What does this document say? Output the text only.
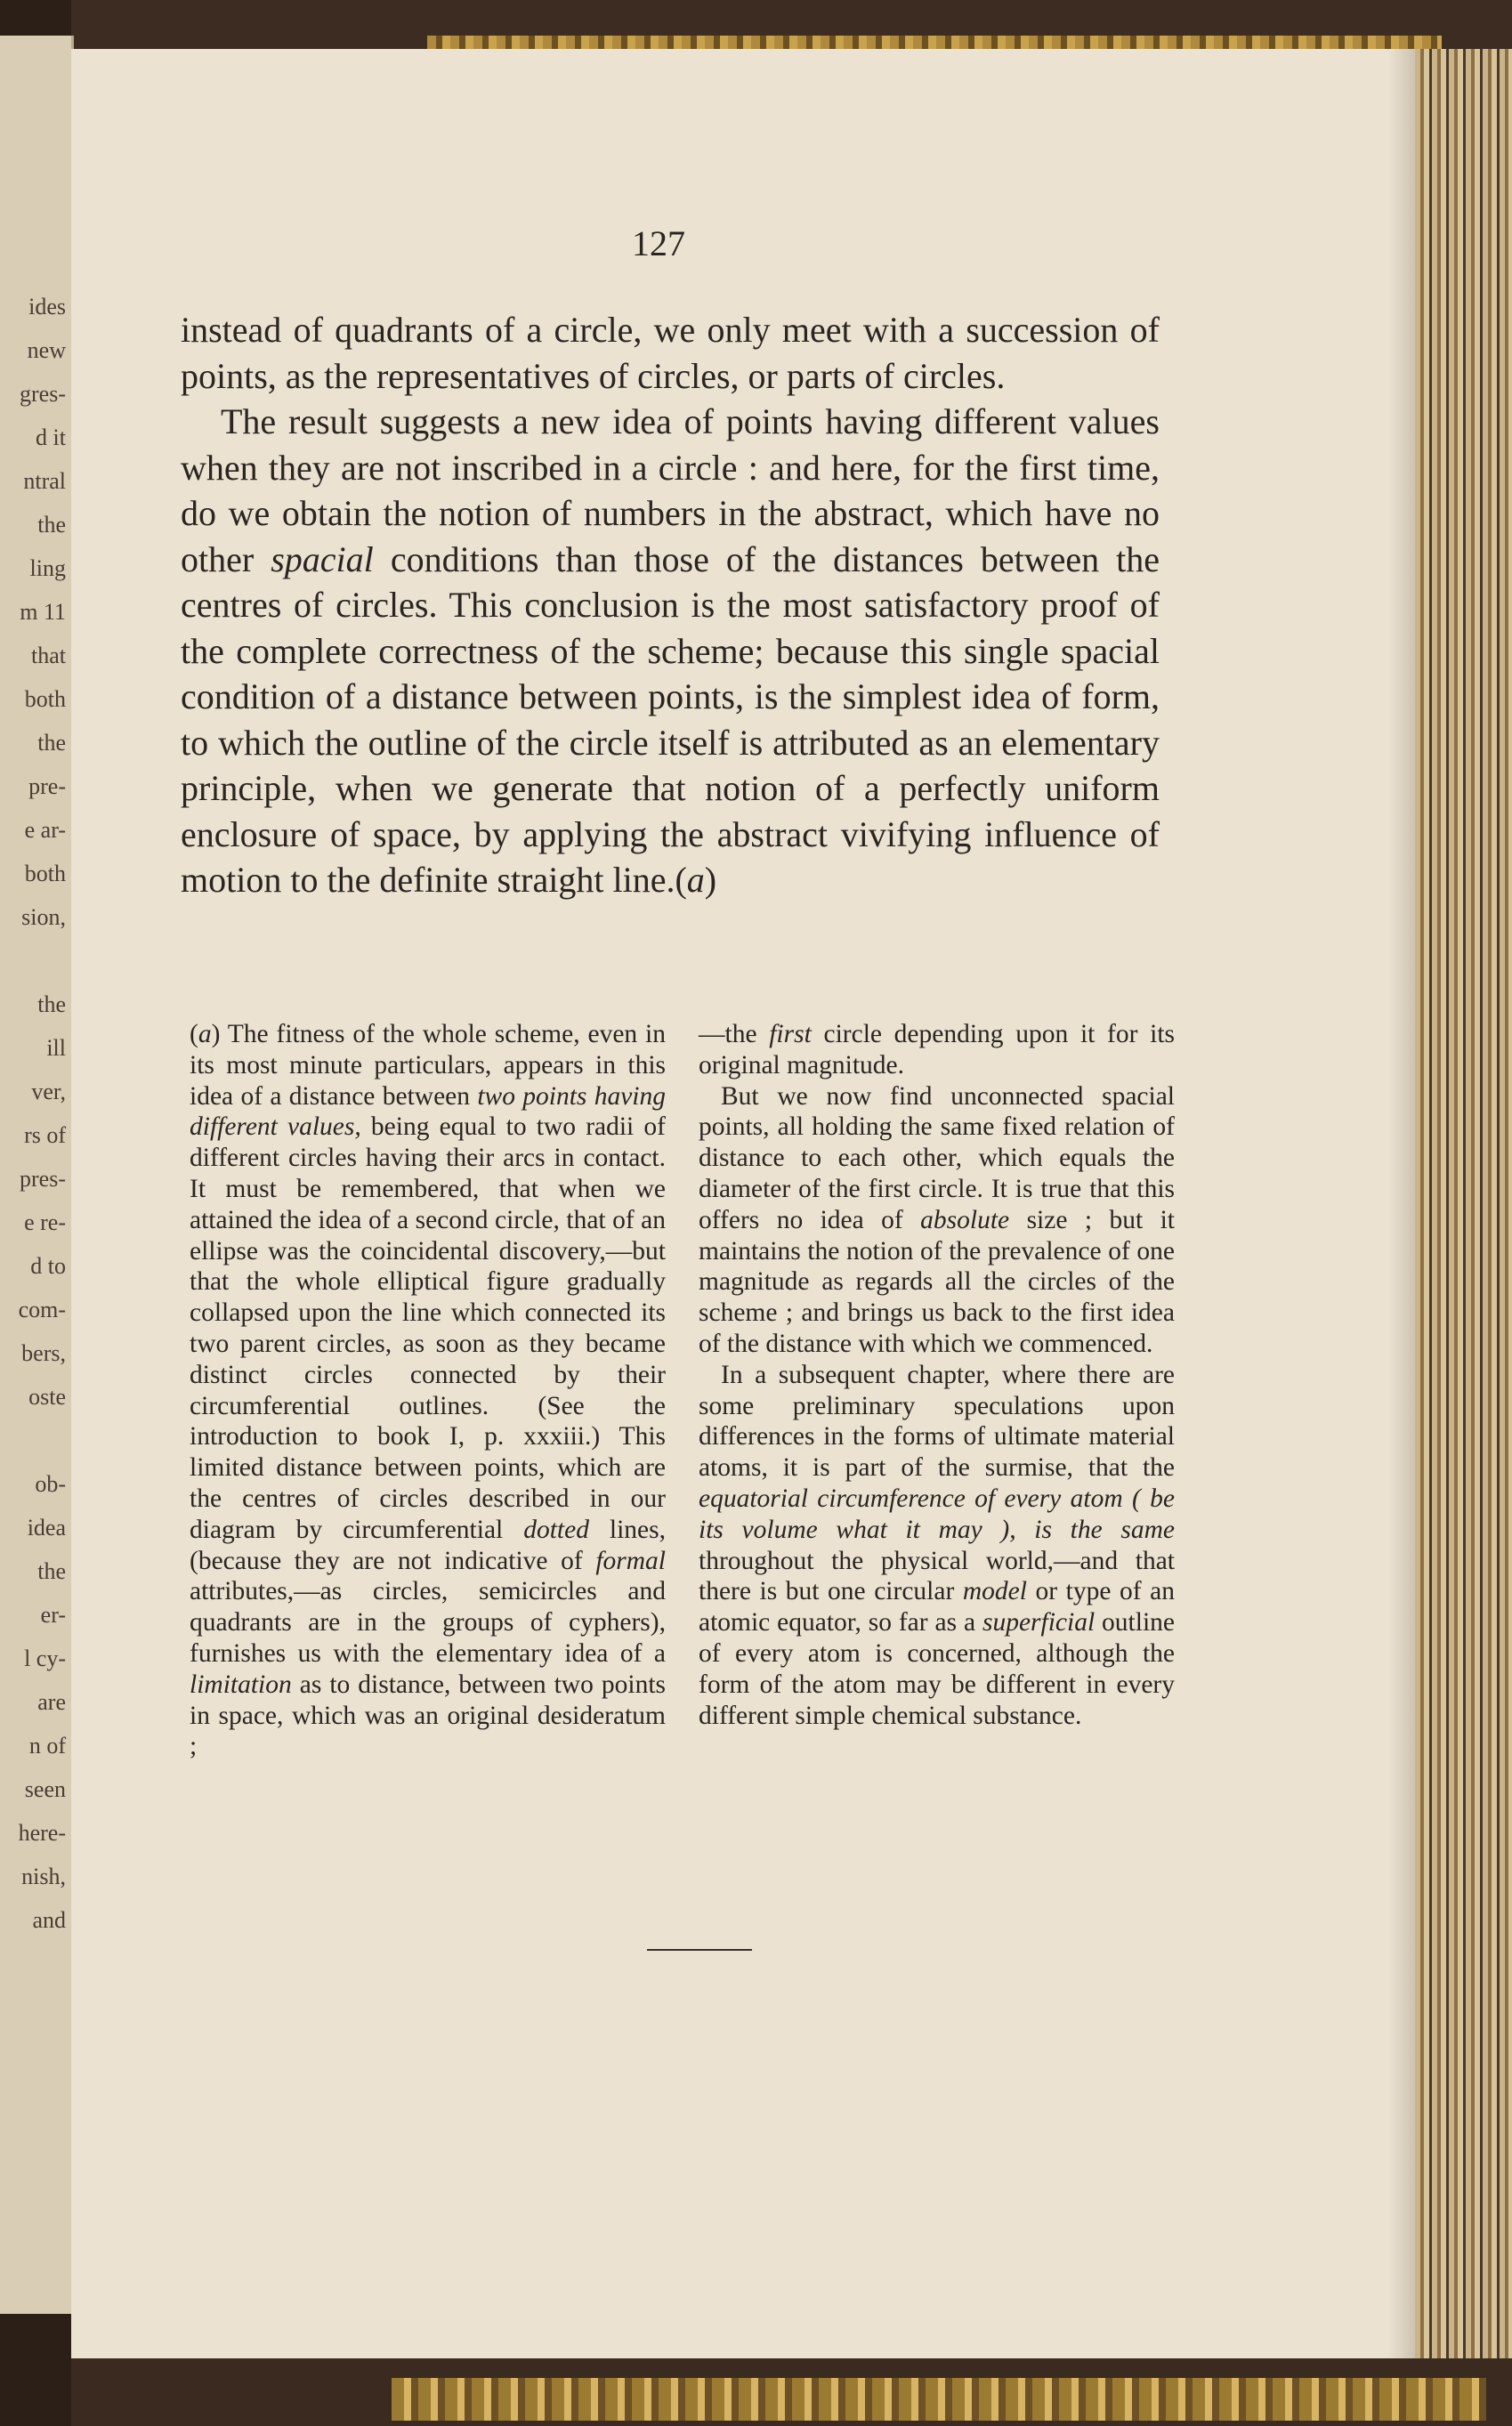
ides
new
gres-
d it
ntral
the
ling
m 11
that
both
the
pre-
e ar-
both
sion,
the
ill
ver,
rs of
pres-
e re-
d to
com-
bers,
oste
ob-
idea
the
er-
l cy-
are
n of
seen
here-
nish,
and
127

instead of quadrants of a circle, we only meet with a succession of points, as the representatives of circles, or parts of circles.

The result suggests a new idea of points having different values when they are not inscribed in a circle : and here, for the first time, do we obtain the notion of numbers in the abstract, which have no other spacial conditions than those of the distances between the centres of circles. This conclusion is the most satisfactory proof of the complete correctness of the scheme; because this single spacial condition of a distance between points, is the simplest idea of form, to which the outline of the circle itself is attributed as an elementary principle, when we generate that notion of a perfectly uniform enclosure of space, by applying the abstract vivifying influence of motion to the definite straight line.(a)

(a) The fitness of the whole scheme, even in its most minute particulars, appears in this idea of a distance between two points having different values, being equal to two radii of different circles having their arcs in contact. It must be remembered, that when we attained the idea of a second circle, that of an ellipse was the coincidental discovery,—but that the whole elliptical figure gradually collapsed upon the line which connected its two parent circles, as soon as they became distinct circles connected by their circumferential outlines. (See the introduction to book I, p. xxxiii.) This limited distance between points, which are the centres of circles described in our diagram by circumferential dotted lines, (because they are not indicative of formal attributes,—as circles, semicircles and quadrants are in the groups of cyphers), furnishes us with the elementary idea of a limitation as to distance, between two points in space, which was an original desideratum ;

—the first circle depending upon it for its original magnitude.

But we now find unconnected spacial points, all holding the same fixed relation of distance to each other, which equals the diameter of the first circle. It is true that this offers no idea of absolute size ; but it maintains the notion of the prevalence of one magnitude as regards all the circles of the scheme ; and brings us back to the first idea of the distance with which we commenced.

In a subsequent chapter, where there are some preliminary speculations upon differences in the forms of ultimate material atoms, it is part of the surmise, that the equatorial circumference of every atom ( be its volume what it may ), is the same throughout the physical world,—and that there is but one circular model or type of an atomic equator, so far as a superficial outline of every atom is concerned, although the form of the atom may be different in every different simple chemical substance.
